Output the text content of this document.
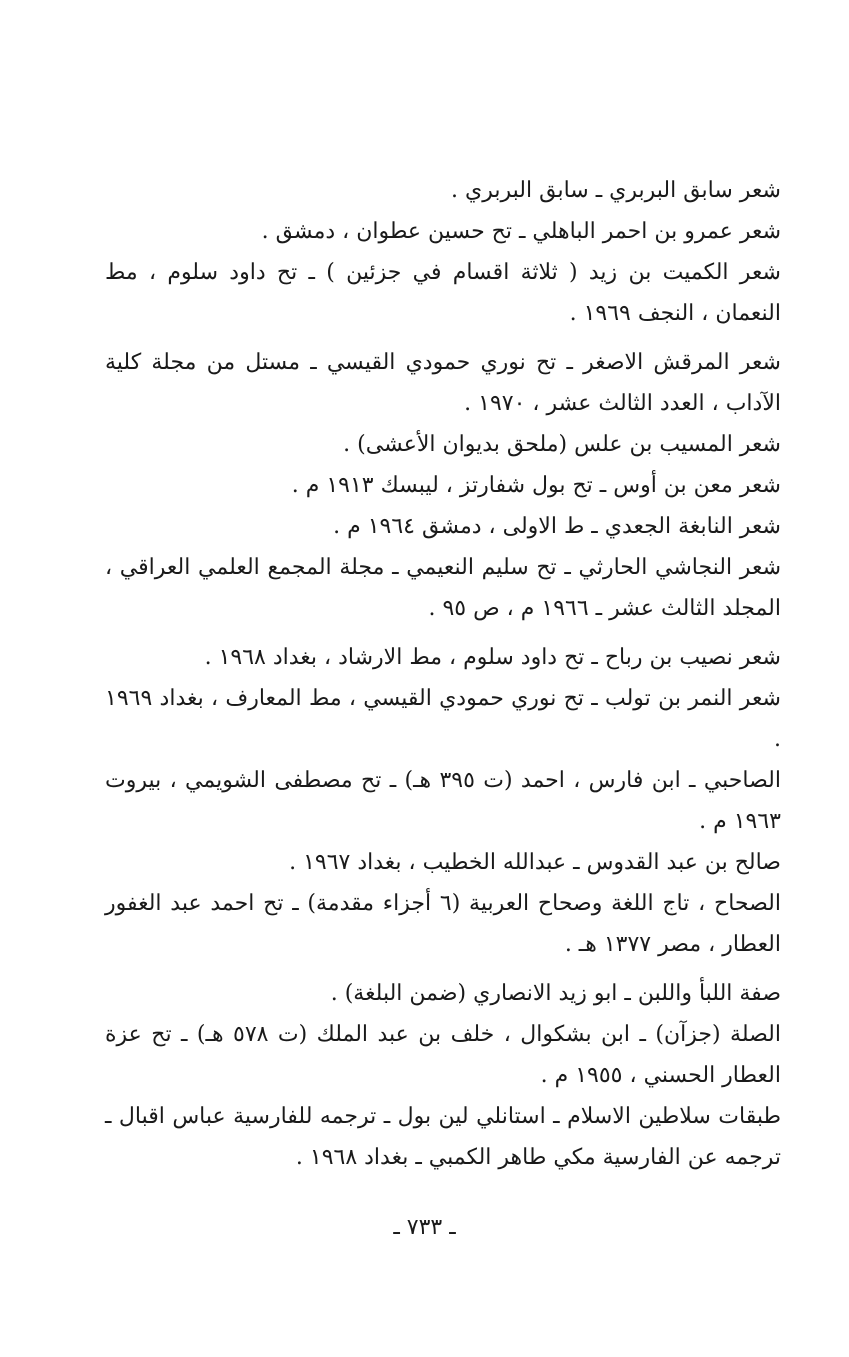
شعر سابق البربري ـ سابق البربري .

شعر عمرو بن احمر الباهلي ـ تح حسين عطوان ، دمشق .

شعر الكميت بن زيد ( ثلاثة اقسام في جزئين ) ـ تح داود سلوم ، مط النعمان ، النجف ١٩٦٩ .

شعر المرقش الاصغر ـ تح نوري حمودي القيسي ـ مستل من مجلة كلية الآداب ، العدد الثالث عشر ، ١٩٧٠ .

شعر المسيب بن علس (ملحق بديوان الأعشى) .

شعر معن بن أوس ـ تح بول شفارتز ، ليبسك ١٩١٣ م .

شعر النابغة الجعدي ـ ط الاولى ، دمشق ١٩٦٤ م .

شعر النجاشي الحارثي ـ تح سليم النعيمي ـ مجلة المجمع العلمي العراقي ، المجلد الثالث عشر ـ ١٩٦٦ م ، ص ٩٥ .

شعر نصيب بن رباح ـ تح داود سلوم ، مط الارشاد ، بغداد ١٩٦٨ .

شعر النمر بن تولب ـ تح نوري حمودي القيسي ، مط المعارف ، بغداد ١٩٦٩ .

الصاحبي ـ ابن فارس ، احمد (ت ٣٩٥ هـ) ـ تح مصطفى الشويمي ، بيروت ١٩٦٣ م .

صالح بن عبد القدوس ـ عبدالله الخطيب ، بغداد ١٩٦٧ .

الصحاح ، تاج اللغة وصحاح العربية (٦ أجزاء مقدمة) ـ تح احمد عبد الغفور العطار ، مصر ١٣٧٧ هـ .

صفة اللبأ واللبن ـ ابو زيد الانصاري (ضمن البلغة) .

الصلة (جزآن) ـ ابن بشكوال ، خلف بن عبد الملك (ت ٥٧٨ هـ) ـ تح عزة العطار الحسني ، ١٩٥٥ م .

طبقات سلاطين الاسلام ـ استانلي لين بول ـ ترجمه للفارسية عباس اقبال ـ ترجمه عن الفارسية مكي طاهر الكمبي ـ بغداد ١٩٦٨ .

ـ ٧٣٣ ـ
